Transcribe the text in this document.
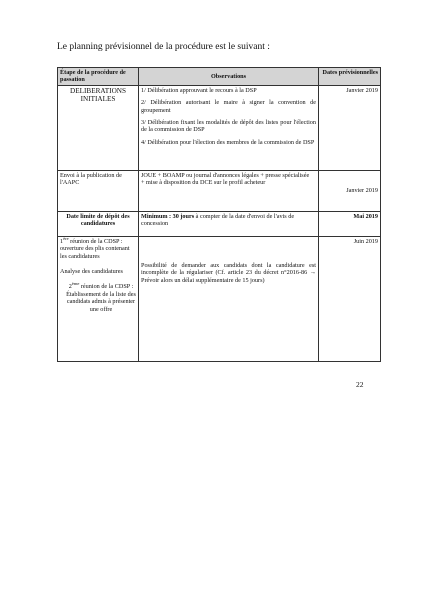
Le planning prévisionnel de la procédure est le suivant :

Étape de la procédure de passation	Observations	Dates prévisionnelles
DELIBERATIONS INITIALES	1/ Délibération approuvant le recours à la DSP

2/ Délibération autorisant le maire à signer la convention de groupement

3/ Délibération fixant les modalités de dépôt des listes pour l'élection de la commission de DSP

4/ Délibération pour l'élection des membres de la commission de DSP	Janvier 2019
Envoi à la publication de l'AAPC	JOUE + BOAMP ou journal d'annonces légales + presse spécialisée

+ mise à disposition du DCE sur le profil acheteur	Janvier 2019
Date limite de dépôt des candidatures	Minimum : 30 jours à compter de la date d'envoi de l'avis de concession	Mai 2019

1ère réunion de la CDSP : ouverture des plis contenant les candidatures

Analyse des candidatures

2ème réunion de la CDSP : Établissement de la liste des candidats admis à présenter une offre	Possibilité de demander aux candidats dont la candidature est incomplète de la régulariser (Cf. article 23 du décret n°2016-86 → Prévoir alors un délai supplémentaire de 15 jours)	Juin 2019
22
